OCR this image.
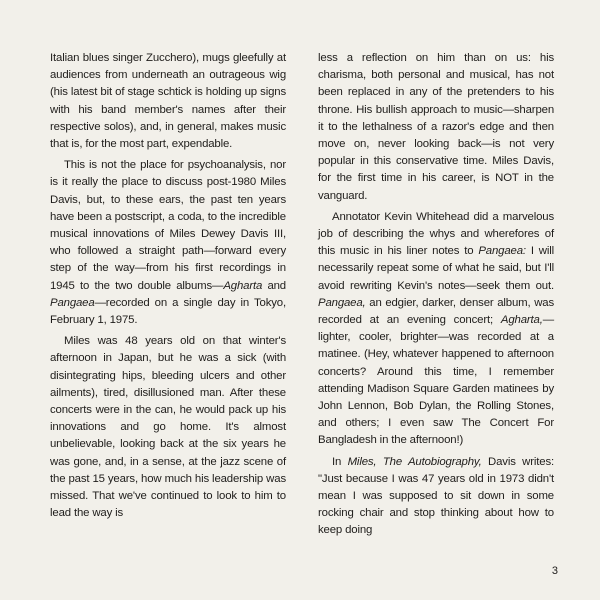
Italian blues singer Zucchero), mugs gleefully at audiences from underneath an outrageous wig (his latest bit of stage schtick is holding up signs with his band member's names after their respective solos), and, in general, makes music that is, for the most part, expendable.

This is not the place for psychoanalysis, nor is it really the place to discuss post-1980 Miles Davis, but, to these ears, the past ten years have been a postscript, a coda, to the incredible musical innovations of Miles Dewey Davis III, who followed a straight path—forward every step of the way—from his first recordings in 1945 to the two double albums—Agharta and Pangaea—recorded on a single day in Tokyo, February 1, 1975.

Miles was 48 years old on that winter's afternoon in Japan, but he was a sick (with disintegrating hips, bleeding ulcers and other ailments), tired, disillusioned man. After these concerts were in the can, he would pack up his innovations and go home. It's almost unbelievable, looking back at the six years he was gone, and, in a sense, at the jazz scene of the past 15 years, how much his leadership was missed. That we've continued to look to him to lead the way is

less a reflection on him than on us: his charisma, both personal and musical, has not been replaced in any of the pretenders to his throne. His bullish approach to music—sharpen it to the lethalness of a razor's edge and then move on, never looking back—is not very popular in this conservative time. Miles Davis, for the first time in his career, is NOT in the vanguard.

Annotator Kevin Whitehead did a marvelous job of describing the whys and wherefores of this music in his liner notes to Pangaea: I will necessarily repeat some of what he said, but I'll avoid rewriting Kevin's notes—seek them out. Pangaea, an edgier, darker, denser album, was recorded at an evening concert; Agharta,—lighter, cooler, brighter—was recorded at a matinee. (Hey, whatever happened to afternoon concerts? Around this time, I remember attending Madison Square Garden matinees by John Lennon, Bob Dylan, the Rolling Stones, and others; I even saw The Concert For Bangladesh in the afternoon!)

In Miles, The Autobiography, Davis writes: "Just because I was 47 years old in 1973 didn't mean I was supposed to sit down in some rocking chair and stop thinking about how to keep doing

3
